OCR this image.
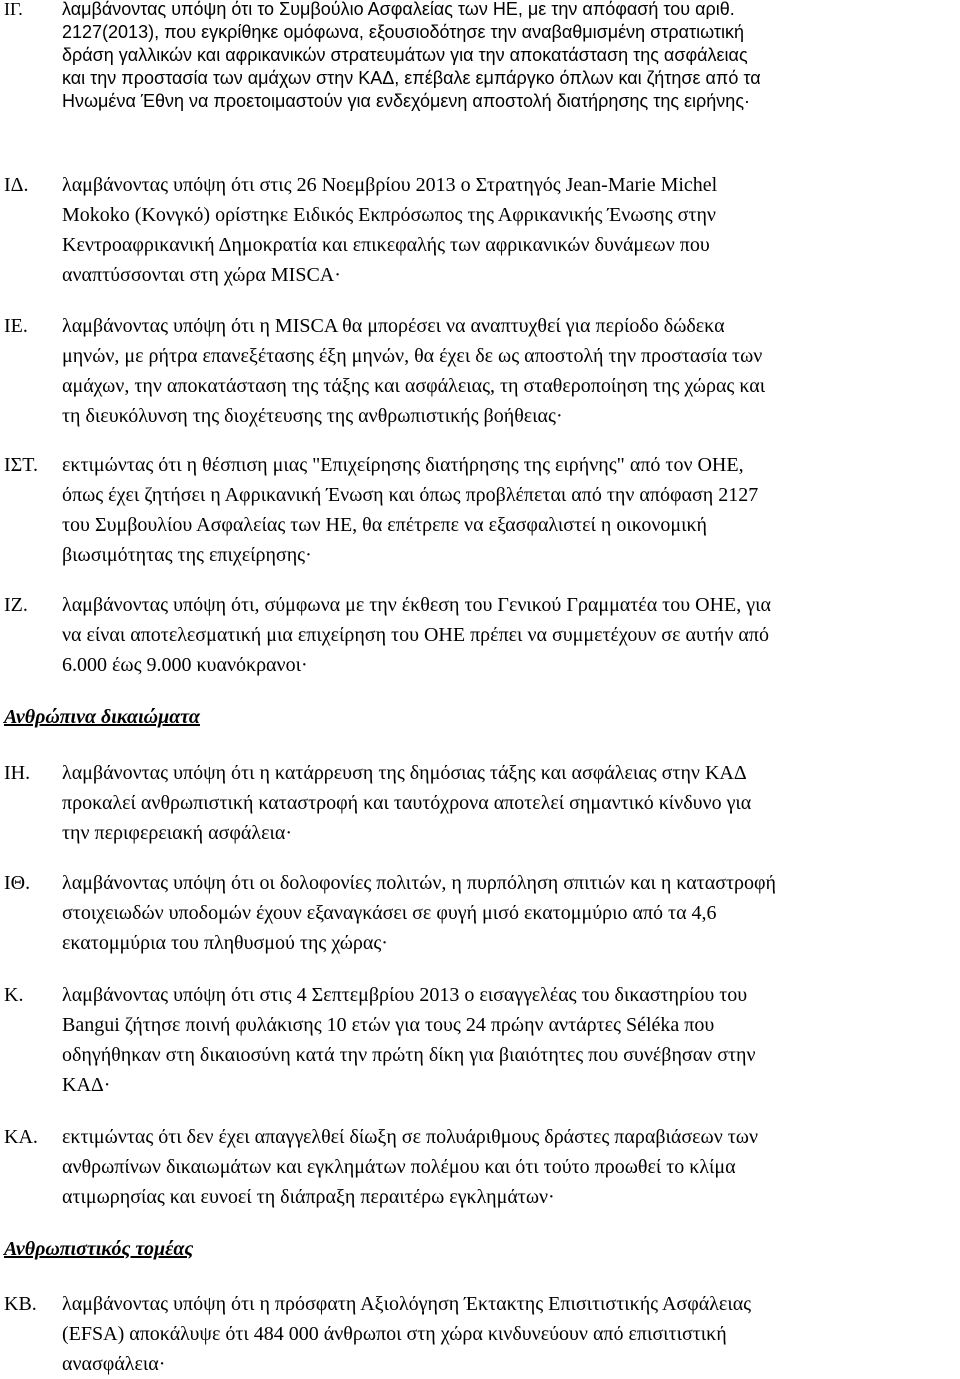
ΙΓ. λαμβάνοντας υπόψη ότι το Συμβούλιο Ασφαλείας των ΗΕ, με την απόφασή του αριθ.
2127(2013), που εγκρίθηκε ομόφωνα, εξουσιοδότησε την αναβαθμισμένη στρατιωτική
δράση γαλλικών και αφρικανικών στρατευμάτων για την αποκατάσταση της ασφάλειας
και την προστασία των αμάχων στην ΚΑΔ, επέβαλε εμπάργκο όπλων και ζήτησε από τα
Ηνωμένα Έθνη να προετοιμαστούν για ενδεχόμενη αποστολή διατήρησης της ειρήνης·
ΙΔ. λαμβάνοντας υπόψη ότι στις 26 Νοεμβρίου 2013 ο Στρατηγός Jean-Marie Michel
Mokoko (Κονγκό) ορίστηκε Ειδικός Εκπρόσωπος της Αφρικανικής Ένωσης στην
Κεντροαφρικανική Δημοκρατία και επικεφαλής των αφρικανικών δυνάμεων που
αναπτύσσονται στη χώρα MISCA·
ΙΕ. λαμβάνοντας υπόψη ότι η MISCA θα μπορέσει να αναπτυχθεί για περίοδο δώδεκα
μηνών, με ρήτρα επανεξέτασης έξη μηνών, θα έχει δε ως αποστολή την προστασία των
αμάχων, την αποκατάσταση της τάξης και ασφάλειας, τη σταθεροποίηση της χώρας και
τη διευκόλυνση της διοχέτευσης της ανθρωπιστικής βοήθειας·
ΙΣΤ. εκτιμώντας ότι η θέσπιση μιας "Επιχείρησης διατήρησης της ειρήνης" από τον ΟΗΕ,
όπως έχει ζητήσει η Αφρικανική Ένωση και όπως προβλέπεται από την απόφαση 2127
του Συμβουλίου Ασφαλείας των ΗΕ, θα επέτρεπε να εξασφαλιστεί η οικονομική
βιωσιμότητας της επιχείρησης·
ΙΖ. λαμβάνοντας υπόψη ότι, σύμφωνα με την έκθεση του Γενικού Γραμματέα του ΟΗΕ, για
να είναι αποτελεσματική μια επιχείρηση του ΟΗΕ πρέπει να συμμετέχουν σε αυτήν από
6.000 έως 9.000 κυανόκρανοι·
Ανθρώπινα δικαιώματα
ΙΗ. λαμβάνοντας υπόψη ότι η κατάρρευση της δημόσιας τάξης και ασφάλειας στην ΚΑΔ
προκαλεί ανθρωπιστική καταστροφή και ταυτόχρονα αποτελεί σημαντικό κίνδυνο για
την περιφερειακή ασφάλεια·
ΙΘ. λαμβάνοντας υπόψη ότι οι δολοφονίες πολιτών, η πυρπόληση σπιτιών και η καταστροφή
στοιχειωδών υποδομών έχουν εξαναγκάσει σε φυγή μισό εκατομμύριο από τα 4,6
εκατομμύρια του πληθυσμού της χώρας·
Κ. λαμβάνοντας υπόψη ότι στις 4 Σεπτεμβρίου 2013 ο εισαγγελέας του δικαστηρίου του
Bangui ζήτησε ποινή φυλάκισης 10 ετών για τους 24 πρώην αντάρτες Séléka που
οδηγήθηκαν στη δικαιοσύνη κατά την πρώτη δίκη για βιαιότητες που συνέβησαν στην
ΚΑΔ·
ΚΑ. εκτιμώντας ότι δεν έχει απαγγελθεί δίωξη σε πολυάριθμους δράστες παραβιάσεων των
ανθρωπίνων δικαιωμάτων και εγκλημάτων πολέμου και ότι τούτο προωθεί το κλίμα
ατιμωρησίας και ευνοεί τη διάπραξη περαιτέρω εγκλημάτων·
Ανθρωπιστικός τομέας
ΚΒ. λαμβάνοντας υπόψη ότι η πρόσφατη Αξιολόγηση Έκτακτης Επισιτιστικής Ασφάλειας
(EFSA) αποκάλυψε ότι 484 000 άνθρωποι στη χώρα κινδυνεύουν από επισιτιστική
ανασφάλεια·
